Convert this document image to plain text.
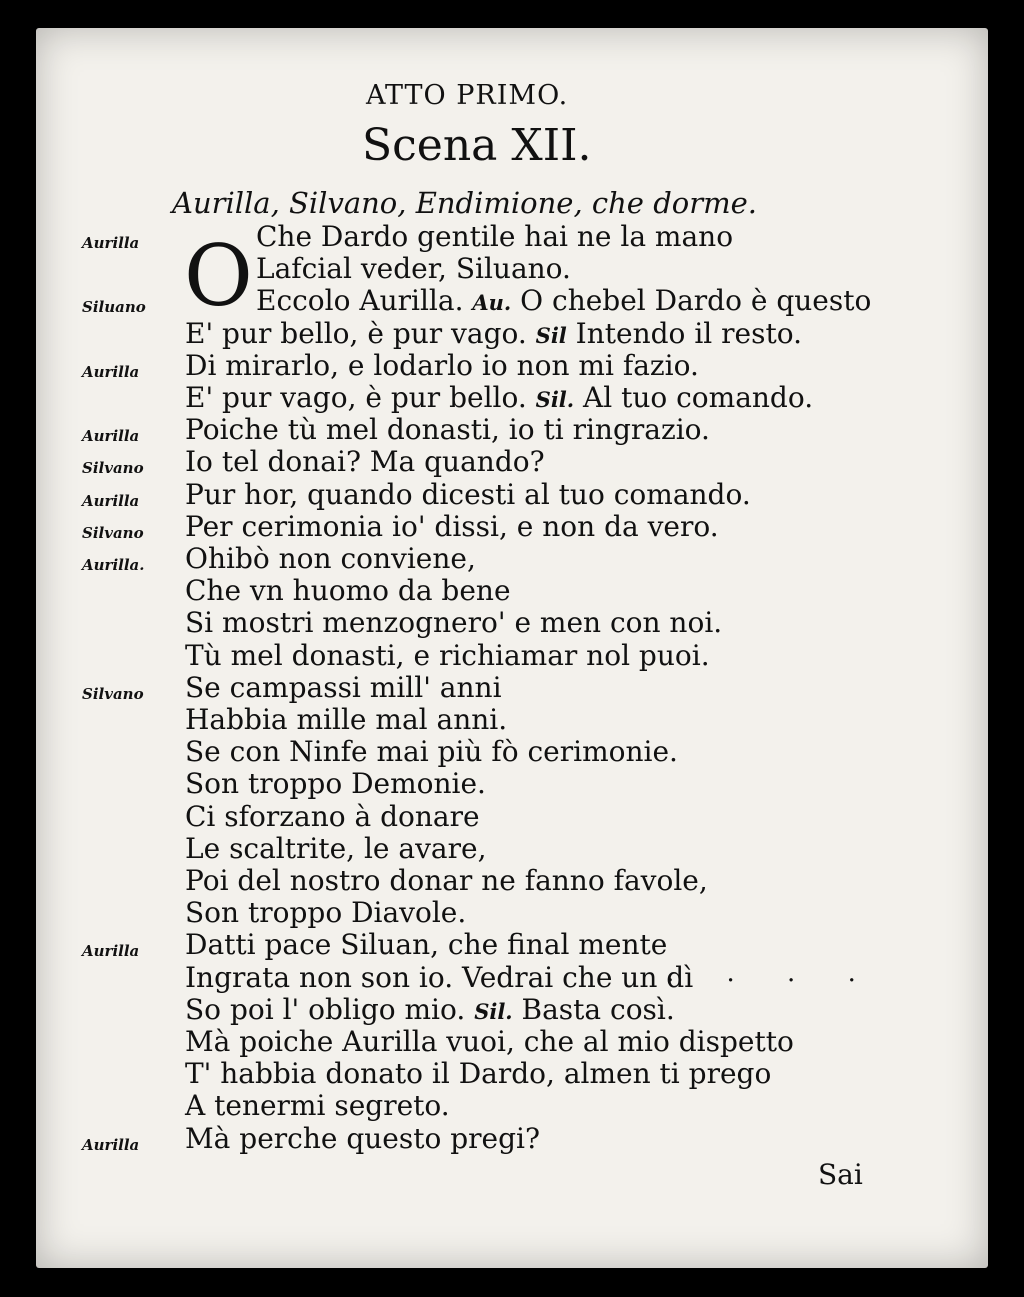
ATTO PRIMO.
Scena XII.
Aurilla, Silvano, Endimione, che dorme.
O
Aurilla	Che Dardo gentile hai ne la mano
Lafcial veder, Siluano.
Siluano	Eccolo Aurilla. Au. O chebel Dardo è questo
E' pur bello, è pur vago. Sil Intendo il resto.
Aurilla Di mirarlo, e lodarlo io non mi fazio.
E' pur vago, è pur bello. Sil. Al tuo comando.
Aurilla Poiche tù mel donasti, io ti ringrazio.
Silvano Io tel donai? Ma quando?
Aurilla Pur hor, quando dicesti al tuo comando.
Silvano Per cerimonia io' dissi, e non da vero.
Aurilla. Ohibò non conviene,
Che vn huomo da bene
Si mostri menzognero' e men con noi.
Tù mel donasti, e richiamar nol puoi.
Silvano Se campassi mill' anni
Habbia mille mal anni.
Se con Ninfe mai più fò cerimonie.
Son troppo Demonie.
Ci sforzano à donare
Le scaltrite, le avare,
Poi del nostro donar ne fanno favole,
Son troppo Diavole.
Aurilla Datti pace Siluan, che final mente
Ingrata non son io. Vedrai che un dì
So poi l' obligo mio. Sil. Basta così.
Mà poiche Aurilla vuoi, che al mio dispetto
T' habbia donato il Dardo, almen ti prego
A tenermi segreto.
Aurilla Mà perche questo pregi?
· · · ·
Sai
